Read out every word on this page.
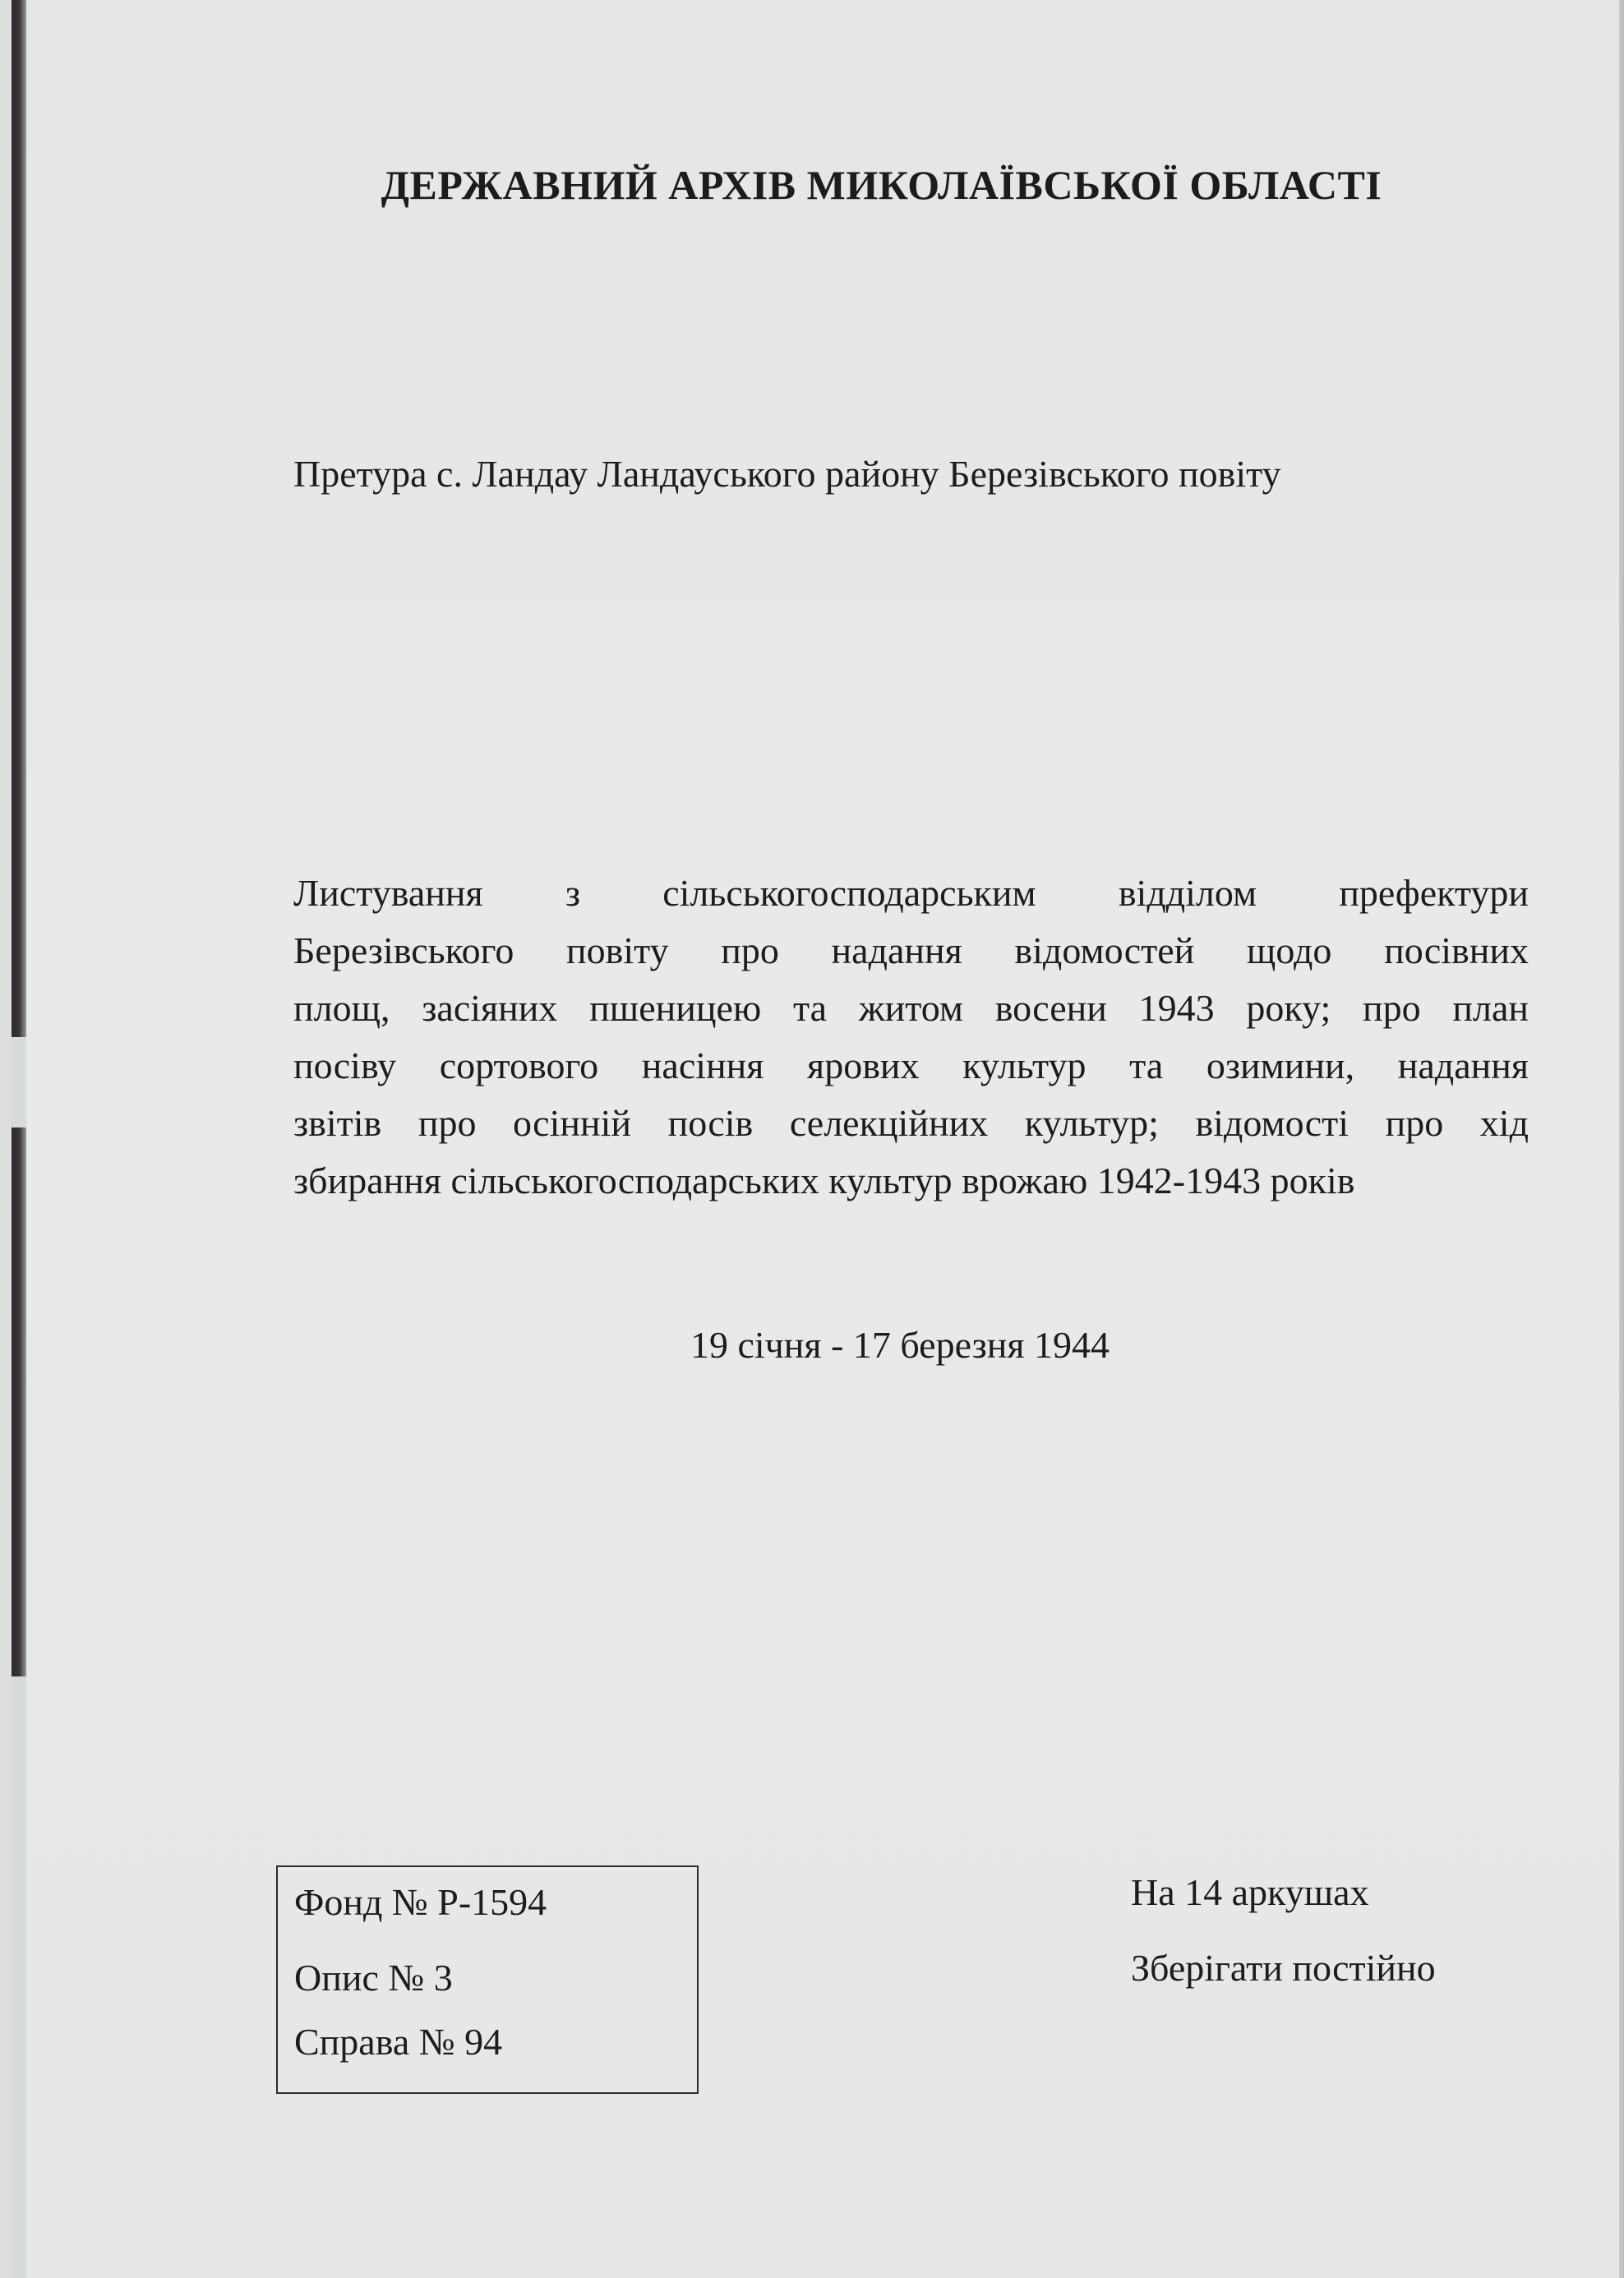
ДЕРЖАВНИЙ АРХІВ МИКОЛАЇВСЬКОЇ ОБЛАСТІ
Претура с. Ландау Ландауського району Березівського повіту
Листування з сільськогосподарським відділом префектури
Березівського повіту про надання відомостей щодо посівних
площ, засіяних пшеницею та житом восени 1943 року; про план
посіву сортового насіння ярових культур та озимини, надання
звітів про осінній посів селекційних культур; відомості про хід
збирання сільськогосподарських культур врожаю 1942-1943 років
19 січня - 17 березня 1944
Фонд № Р-1594
Опис № 3
Справа № 94
На 14 аркушах
Зберігати постійно
